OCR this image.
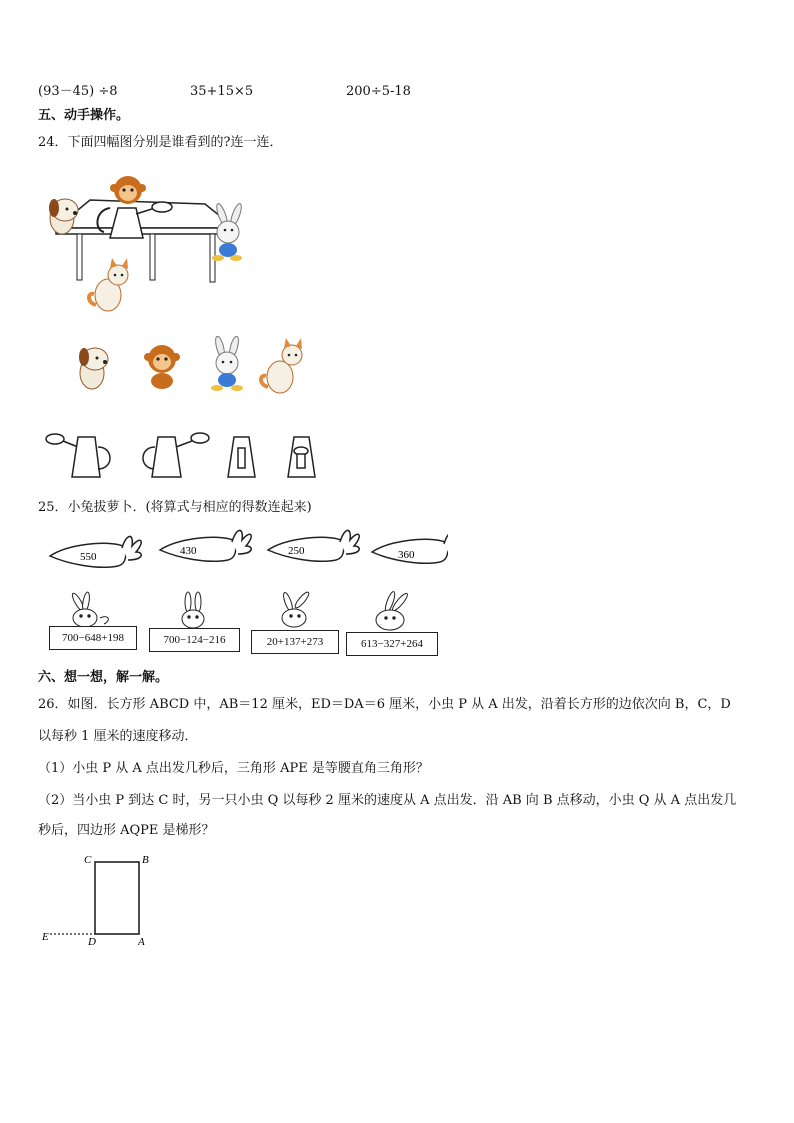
(93－45) ÷8	35+15×5	200÷5-18
五、动手操作。
24．下面四幅图分别是谁看到的?连一连．
25．小兔拔萝卜．(将算式与相应的得数连起来)
550	430	250	360
700−648+198	700−124−216	20+137+273	613−327+264
六、想一想，解一解。
26．如图．长方形 ABCD 中，AB＝12 厘米，ED＝DA＝6 厘米，小虫 P 从 A 出发，沿着长方形的边依次向 B，C，D
以每秒 1 厘米的速度移动．
（1）小虫 P 从 A 点出发几秒后，三角形 APE 是等腰直角三角形？
（2）当小虫 P 到达 C 时，另一只小虫 Q 以每秒 2 厘米的速度从 A 点出发．沿 AB 向 B 点移动，小虫 Q 从 A 点出发几
秒后，四边形 AQPE 是梯形？
C	B
E	D	A
